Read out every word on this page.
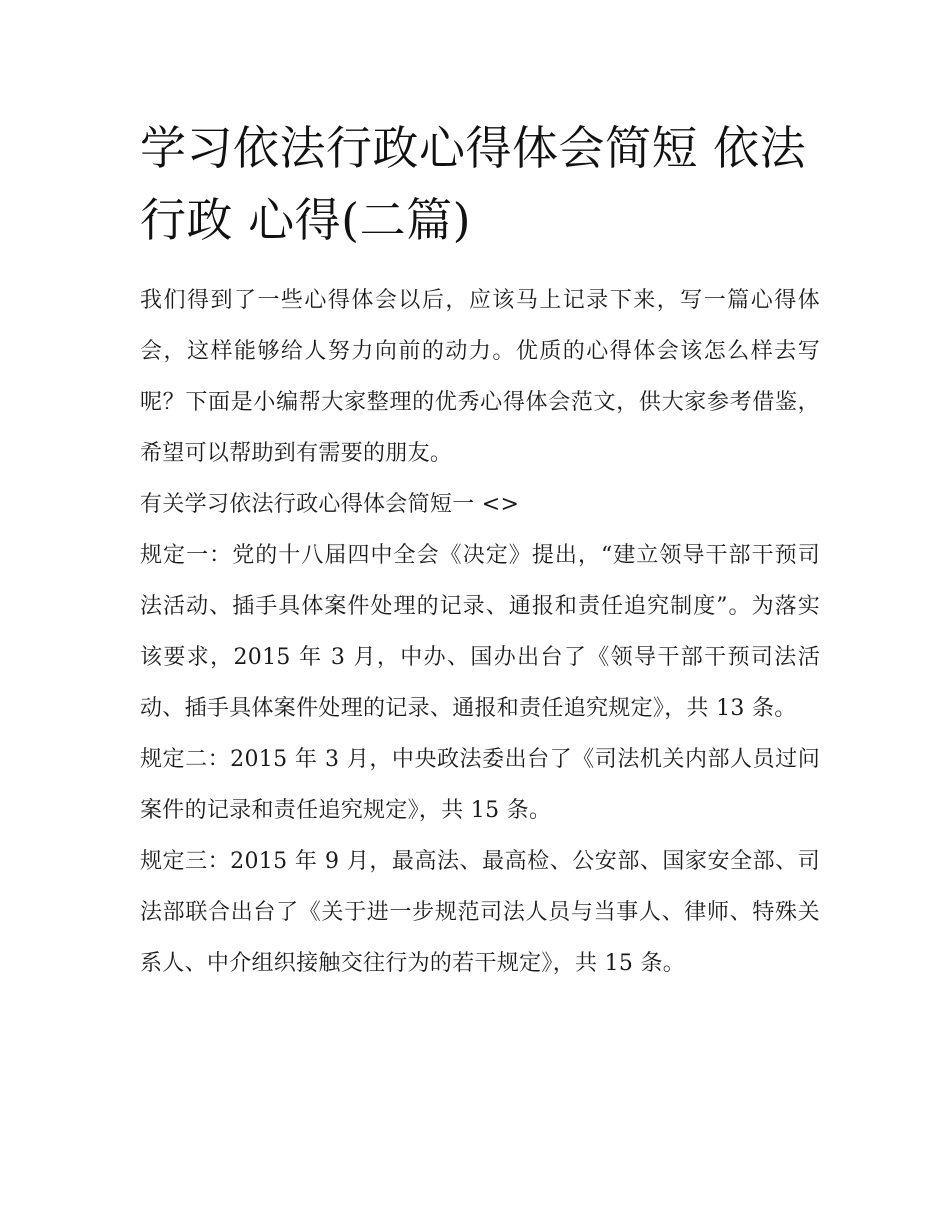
学习依法行政心得体会简短 依法行政 心得(二篇)

我们得到了一些心得体会以后，应该马上记录下来，写一篇心得体会，这样能够给人努力向前的动力。优质的心得体会该怎么样去写呢？下面是小编帮大家整理的优秀心得体会范文，供大家参考借鉴，希望可以帮助到有需要的朋友。

有关学习依法行政心得体会简短一 <>

规定一：党的十八届四中全会《决定》提出，“建立领导干部干预司法活动、插手具体案件处理的记录、通报和责任追究制度”。为落实该要求，2015 年 3 月，中办、国办出台了《领导干部干预司法活动、插手具体案件处理的记录、通报和责任追究规定》，共 13 条。

规定二：2015 年 3 月，中央政法委出台了《司法机关内部人员过问案件的记录和责任追究规定》，共 15 条。

规定三：2015 年 9 月，最高法、最高检、公安部、国家安全部、司法部联合出台了《关于进一步规范司法人员与当事人、律师、特殊关系人、中介组织接触交往行为的若干规定》，共 15 条。
